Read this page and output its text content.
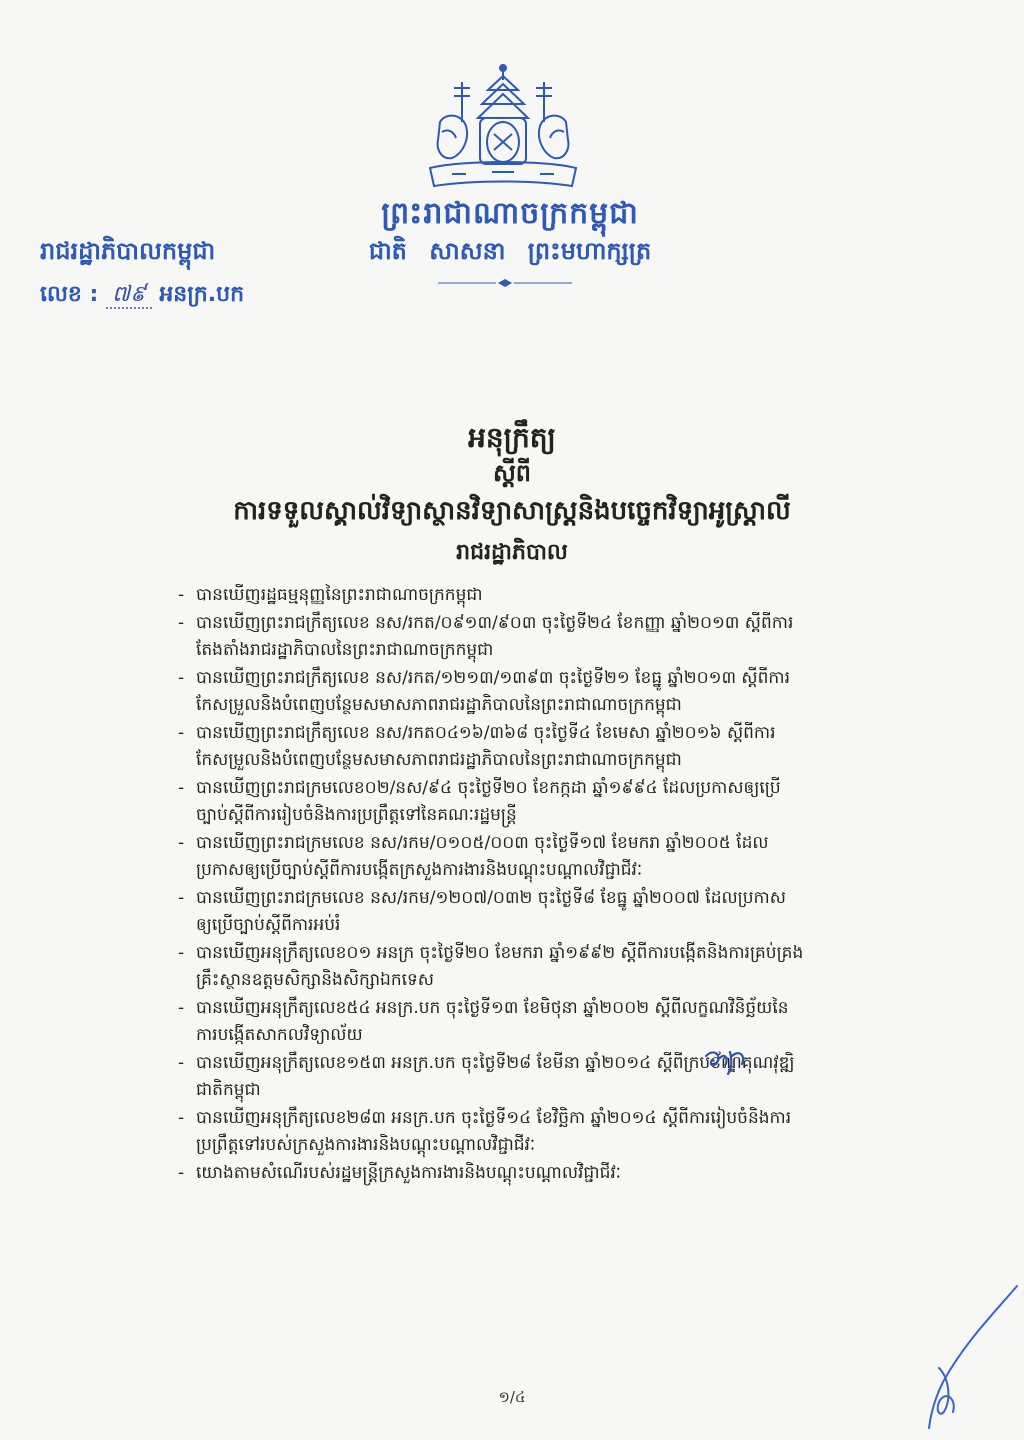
ព្រះរាជាណាចក្រកម្ពុជា
រាជរដ្ឋាភិបាលកម្ពុជា	ជាតិ សាសនា ព្រះមហាក្សត្រ
លេខ : ៧៩ អនក្រ.បក
អនុក្រឹត្យ
ស្តីពី
ការទទួលស្គាល់វិទ្យាស្ថានវិទ្យាសាស្ត្រនិងបច្ចេកវិទ្យាអូស្រ្តាលី
រាជរដ្ឋាភិបាល
- បានឃើញរដ្ឋធម្មនុញ្ញនៃព្រះរាជាណាចក្រកម្ពុជា
- បានឃើញព្រះរាជក្រឹត្យលេខ នស/រកត/០៩១៣/៩០៣ ចុះថ្ងៃទី២៤ ខែកញ្ញា ឆ្នាំ២០១៣ ស្តីពីការ
តែងតាំងរាជរដ្ឋាភិបាលនៃព្រះរាជាណាចក្រកម្ពុជា
- បានឃើញព្រះរាជក្រឹត្យលេខ នស/រកត/១២១៣/១៣៩៣ ចុះថ្ងៃទី២១ ខែធ្នូ ឆ្នាំ២០១៣ ស្តីពីការ
កែសម្រួលនិងបំពេញបន្ថែមសមាសភាពរាជរដ្ឋាភិបាលនៃព្រះរាជាណាចក្រកម្ពុជា
- បានឃើញព្រះរាជក្រឹត្យលេខ នស/រកត០៤១៦/៣៦៨ ចុះថ្ងៃទី៤ ខែមេសា ឆ្នាំ២០១៦ ស្តីពីការ
កែសម្រួលនិងបំពេញបន្ថែមសមាសភាពរាជរដ្ឋាភិបាលនៃព្រះរាជាណាចក្រកម្ពុជា
- បានឃើញព្រះរាជក្រមលេខ០២/នស/៩៤ ចុះថ្ងៃទី២០ ខែកក្កដា ឆ្នាំ១៩៩៤ ដែលប្រកាសឲ្យប្រើ
ច្បាប់ស្តីពីការរៀបចំនិងការប្រព្រឹត្តទៅនៃគណៈរដ្ឋមន្ត្រី
- បានឃើញព្រះរាជក្រមលេខ នស/រកម/០១០៥/០០៣ ចុះថ្ងៃទី១៧ ខែមករា ឆ្នាំ២០០៥ ដែល
ប្រកាសឲ្យប្រើច្បាប់ស្តីពីការបង្កើតក្រសួងការងារនិងបណ្តុះបណ្តាលវិជ្ជាជីវៈ
- បានឃើញព្រះរាជក្រមលេខ នស/រកម/១២០៧/០៣២ ចុះថ្ងៃទី៨ ខែធ្នូ ឆ្នាំ២០០៧ ដែលប្រកាស
ឲ្យប្រើច្បាប់ស្តីពីការអប់រំ
- បានឃើញអនុក្រឹត្យលេខ០១ អនក្រ ចុះថ្ងៃទី២០ ខែមករា ឆ្នាំ១៩៩២ ស្តីពីការបង្កើតនិងការគ្រប់គ្រង
គ្រឹះស្ថានឧត្តមសិក្សានិងសិក្សាឯកទេស
- បានឃើញអនុក្រឹត្យលេខ៥៤ អនក្រ.បក ចុះថ្ងៃទី១៣ ខែមិថុនា ឆ្នាំ២០០២ ស្តីពីលក្ខណវិនិច្ឆ័យនៃ
ការបង្កើតសាកលវិទ្យាល័យ
- បានឃើញអនុក្រឹត្យលេខ១៥៣ អនក្រ.បក ចុះថ្ងៃទី២៨ ខែមីនា ឆ្នាំ២០១៤ ស្តីពីក្របខ័ណ្ឌគុណវុឌ្ឍិ
ជាតិកម្ពុជា
- បានឃើញអនុក្រឹត្យលេខ២៨៣ អនក្រ.បក ចុះថ្ងៃទី១៤ ខែវិច្ឆិកា ឆ្នាំ២០១៤ ស្តីពីការរៀបចំនិងការ
ប្រព្រឹត្តទៅរបស់ក្រសួងការងារនិងបណ្តុះបណ្តាលវិជ្ជាជីវៈ
- យោងតាមសំណើរបស់រដ្ឋមន្ត្រីក្រសួងការងារនិងបណ្តុះបណ្តាលវិជ្ជាជីវៈ
១/៤
